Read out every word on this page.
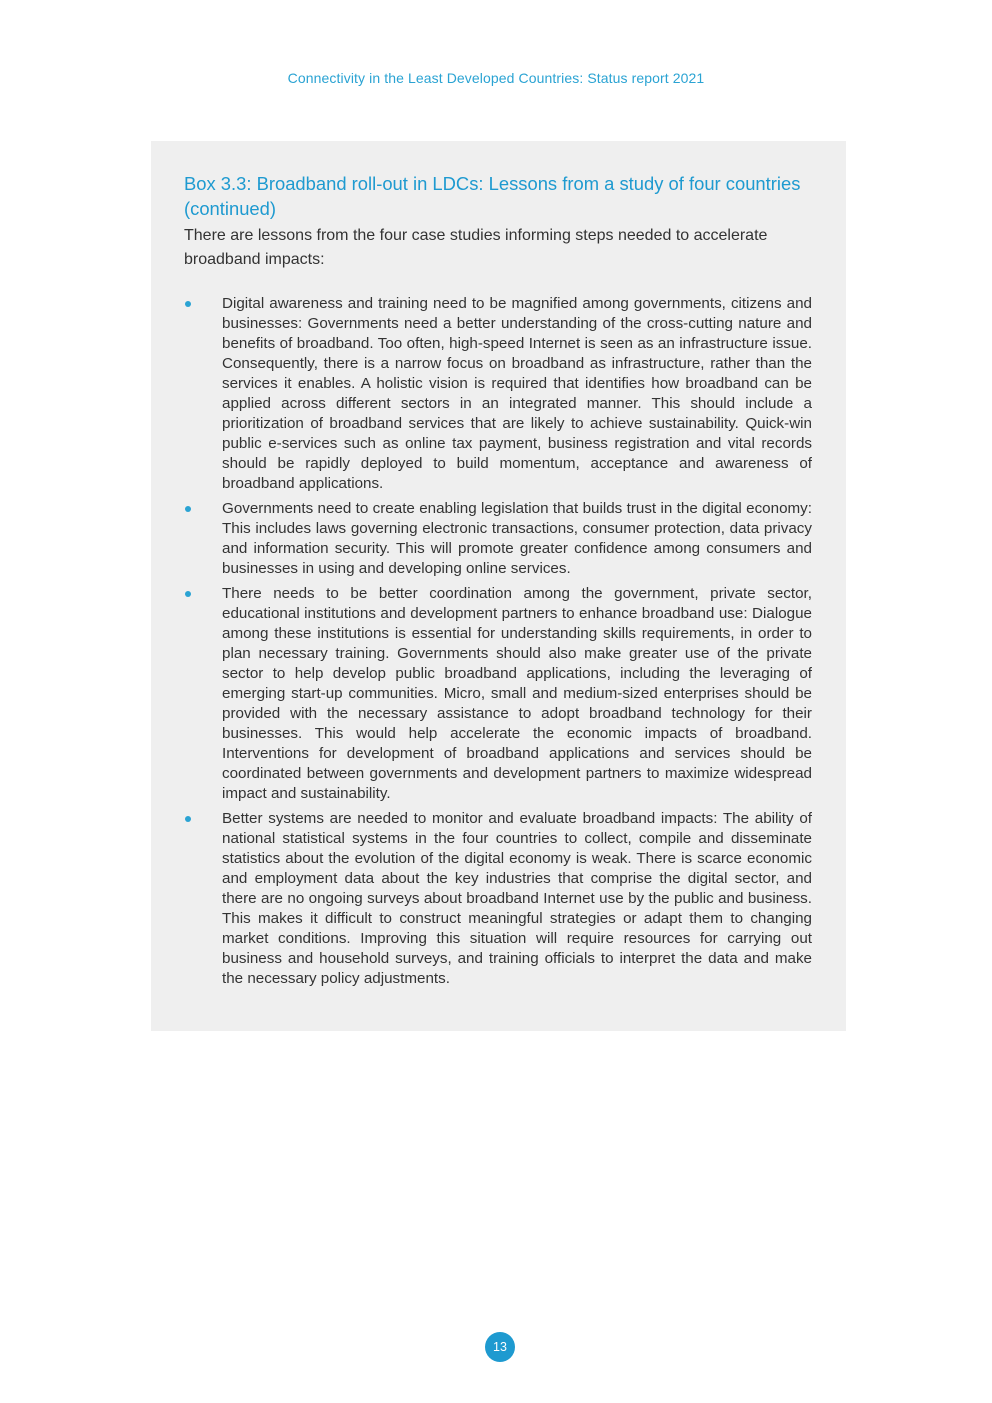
Connectivity in the Least Developed Countries: Status report 2021
Box 3.3: Broadband roll-out in LDCs: Lessons from a study of four countries (continued)

There are lessons from the four case studies informing steps needed to accelerate broadband impacts:

Digital awareness and training need to be magnified among governments, citizens and businesses: Governments need a better understanding of the cross-cutting nature and benefits of broadband. Too often, high-speed Internet is seen as an infrastructure issue. Consequently, there is a narrow focus on broadband as infrastructure, rather than the services it enables. A holistic vision is required that identifies how broadband can be applied across different sectors in an integrated manner. This should include a prioritization of broadband services that are likely to achieve sustainability. Quick-win public e-services such as online tax payment, business registration and vital records should be rapidly deployed to build momentum, acceptance and awareness of broadband applications.
Governments need to create enabling legislation that builds trust in the digital economy: This includes laws governing electronic transactions, consumer protection, data privacy and information security. This will promote greater confidence among consumers and businesses in using and developing online services.
There needs to be better coordination among the government, private sector, educational institutions and development partners to enhance broadband use: Dialogue among these institutions is essential for understanding skills requirements, in order to plan necessary training. Governments should also make greater use of the private sector to help develop public broadband applications, including the leveraging of emerging start-up communities. Micro, small and medium-sized enterprises should be provided with the necessary assistance to adopt broadband technology for their businesses. This would help accelerate the economic impacts of broadband. Interventions for development of broadband applications and services should be coordinated between governments and development partners to maximize widespread impact and sustainability.
Better systems are needed to monitor and evaluate broadband impacts: The ability of national statistical systems in the four countries to collect, compile and disseminate statistics about the evolution of the digital economy is weak. There is scarce economic and employment data about the key industries that comprise the digital sector, and there are no ongoing surveys about broadband Internet use by the public and business. This makes it difficult to construct meaningful strategies or adapt them to changing market conditions. Improving this situation will require resources for carrying out business and household surveys, and training officials to interpret the data and make the necessary policy adjustments.
13
